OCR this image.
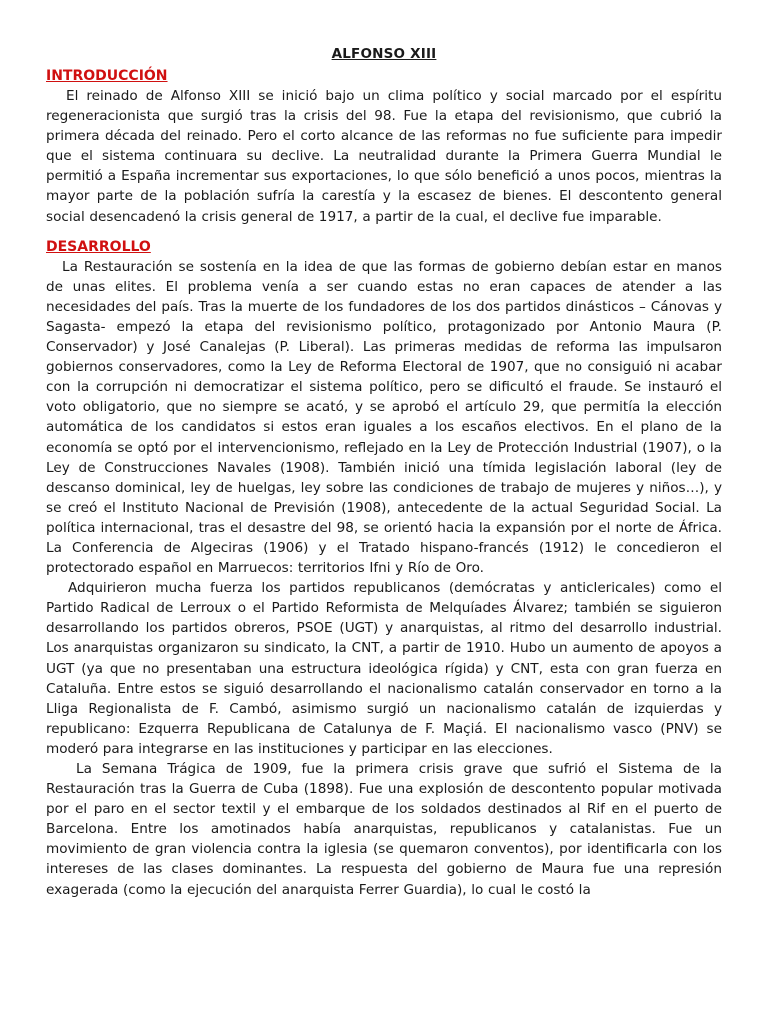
ALFONSO XIII
INTRODUCCIÓN

El reinado de Alfonso XIII se inició bajo un clima político y social marcado por el espíritu regeneracionista que surgió tras la crisis del 98. Fue la etapa del revisionismo, que cubrió la primera década del reinado. Pero el corto alcance de las reformas no fue suficiente para impedir que el sistema continuara su declive. La neutralidad durante la Primera Guerra Mundial le permitió a España incrementar sus exportaciones, lo que sólo benefició a unos pocos, mientras la mayor parte de la población sufría la carestía y la escasez de bienes. El descontento general social desencadenó la crisis general de 1917, a partir de la cual, el declive fue imparable.

DESARROLLO

La Restauración se sostenía en la idea de que las formas de gobierno debían estar en manos de unas elites. El problema venía a ser cuando estas no eran capaces de atender a las necesidades del país. Tras la muerte de los fundadores de los dos partidos dinásticos – Cánovas y Sagasta- empezó la etapa del revisionismo político, protagonizado por Antonio Maura (P. Conservador) y José Canalejas (P. Liberal). Las primeras medidas de reforma las impulsaron gobiernos conservadores, como la Ley de Reforma Electoral de 1907, que no consiguió ni acabar con la corrupción ni democratizar el sistema político, pero se dificultó el fraude. Se instauró el voto obligatorio, que no siempre se acató, y se aprobó el artículo 29, que permitía la elección automática de los candidatos si estos eran iguales a los escaños electivos. En el plano de la economía se optó por el intervencionismo, reflejado en la Ley de Protección Industrial (1907), o la Ley de Construcciones Navales (1908). También inició una tímida legislación laboral (ley de descanso dominical, ley de huelgas, ley sobre las condiciones de trabajo de mujeres y niños…), y se creó el Instituto Nacional de Previsión (1908), antecedente de la actual Seguridad Social. La política internacional, tras el desastre del 98, se orientó hacia la expansión por el norte de África. La Conferencia de Algeciras (1906) y el Tratado hispano-francés (1912) le concedieron el protectorado español en Marruecos: territorios Ifni y Río de Oro.

Adquirieron mucha fuerza los partidos republicanos (demócratas y anticlericales) como el Partido Radical de Lerroux o el Partido Reformista de Melquíades Álvarez; también se siguieron desarrollando los partidos obreros, PSOE (UGT) y anarquistas, al ritmo del desarrollo industrial. Los anarquistas organizaron su sindicato, la CNT, a partir de 1910. Hubo un aumento de apoyos a UGT (ya que no presentaban una estructura ideológica rígida) y CNT, esta con gran fuerza en Cataluña. Entre estos se siguió desarrollando el nacionalismo catalán conservador en torno a la Lliga Regionalista de F. Cambó, asimismo surgió un nacionalismo catalán de izquierdas y republicano: Ezquerra Republicana de Catalunya de F. Maçiá. El nacionalismo vasco (PNV) se moderó para integrarse en las instituciones y participar en las elecciones.

La Semana Trágica de 1909, fue la primera crisis grave que sufrió el Sistema de la Restauración tras la Guerra de Cuba (1898). Fue una explosión de descontento popular motivada por el paro en el sector textil y el embarque de los soldados destinados al Rif en el puerto de Barcelona. Entre los amotinados había anarquistas, republicanos y catalanistas. Fue un movimiento de gran violencia contra la iglesia (se quemaron conventos), por identificarla con los intereses de las clases dominantes. La respuesta del gobierno de Maura fue una represión exagerada (como la ejecución del anarquista Ferrer Guardia), lo cual le costó la
